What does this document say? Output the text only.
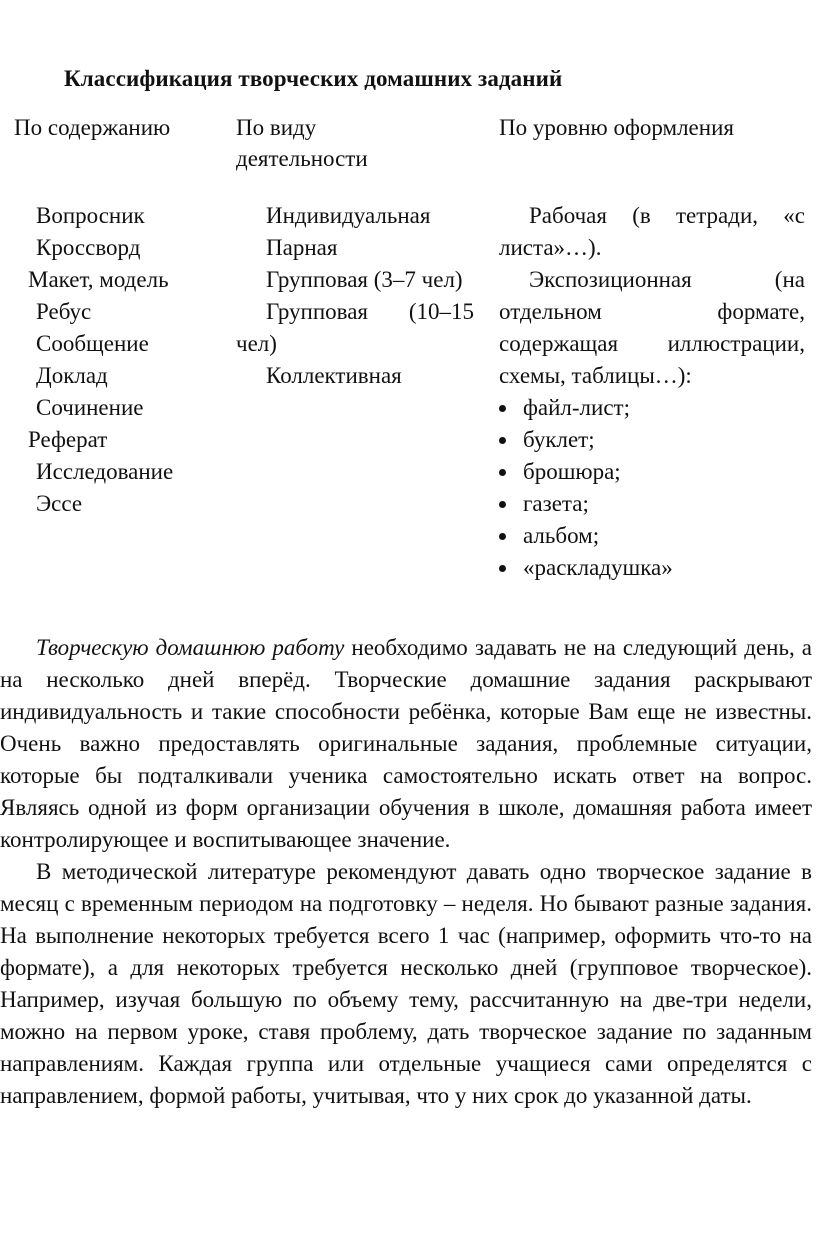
Классификация творческих домашних заданий
По содержанию	По виду деятельности
По уровню оформления
Вопросник
Кроссворд
Макет, модель
Ребус
Сообщение
Доклад
Сочинение
Реферат
Исследование
Эссе

Индивидуальная

Парная

Групповая (3–7 чел)

Групповая (10–15 чел)

Коллективная

Рабочая (в тетради, «с листа»…).

Экспозиционная (на отдельном формате, содержащая иллюстрации, схемы, таблицы…):

файл-лист;
буклет;
брошюра;
газета;
альбом;
«раскладушка»

Творческую домашнюю работу необходимо задавать не на следующий день, а на несколько дней вперёд. Творческие домашние задания раскрывают индивидуальность и такие способности ребёнка, которые Вам еще не известны. Очень важно предоставлять оригинальные задания, проблемные ситуации, которые бы подталкивали ученика самостоятельно искать ответ на вопрос. Являясь одной из форм организации обучения в школе, домашняя работа имеет контролирующее и воспитывающее значение.

В методической литературе рекомендуют давать одно творческое задание в месяц с временным периодом на подготовку – неделя. Но бывают разные задания. На выполнение некоторых требуется всего 1 час (например, оформить что-то на формате), а для некоторых требуется несколько дней (групповое творческое). Например, изучая большую по объему тему, рассчитанную на две-три недели, можно на первом уроке, ставя проблему, дать творческое задание по заданным направлениям. Каждая группа или отдельные учащиеся сами определятся с направлением, формой работы, учитывая, что у них срок до указанной даты.
